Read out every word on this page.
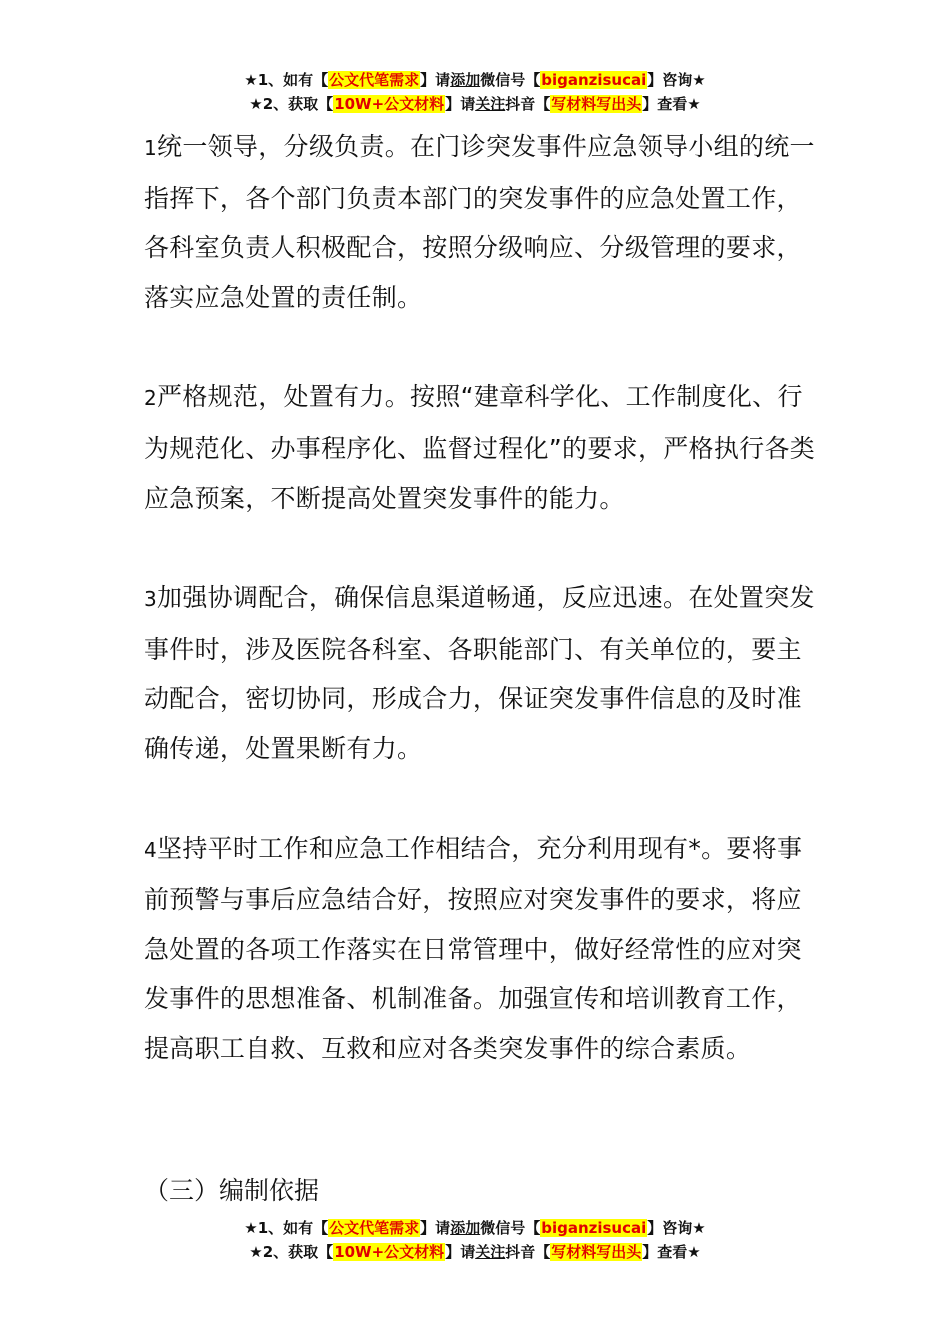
★1、如有【公文代笔需求】请添加微信号【biganzisucai】咨询★
★2、获取【10W+公文材料】请关注抖音【写材料写出头】查看★

1统一领导，分级负责。在门诊突发事件应急领导小组的统一指挥下，各个部门负责本部门的突发事件的应急处置工作，各科室负责人积极配合，按照分级响应、分级管理的要求，落实应急处置的责任制。

2严格规范，处置有力。按照“建章科学化、工作制度化、行为规范化、办事程序化、监督过程化”的要求，严格执行各类应急预案，不断提高处置突发事件的能力。

3加强协调配合，确保信息渠道畅通，反应迅速。在处置突发事件时，涉及医院各科室、各职能部门、有关单位的，要主动配合，密切协同，形成合力，保证突发事件信息的及时准确传递，处置果断有力。

4坚持平时工作和应急工作相结合，充分利用现有*。要将事前预警与事后应急结合好，按照应对突发事件的要求，将应急处置的各项工作落实在日常管理中，做好经常性的应对突发事件的思想准备、机制准备。加强宣传和培训教育工作，提高职工自救、互救和应对各类突发事件的综合素质。

（三）编制依据
★1、如有【公文代笔需求】请添加微信号【biganzisucai】咨询★
★2、获取【10W+公文材料】请关注抖音【写材料写出头】查看★
